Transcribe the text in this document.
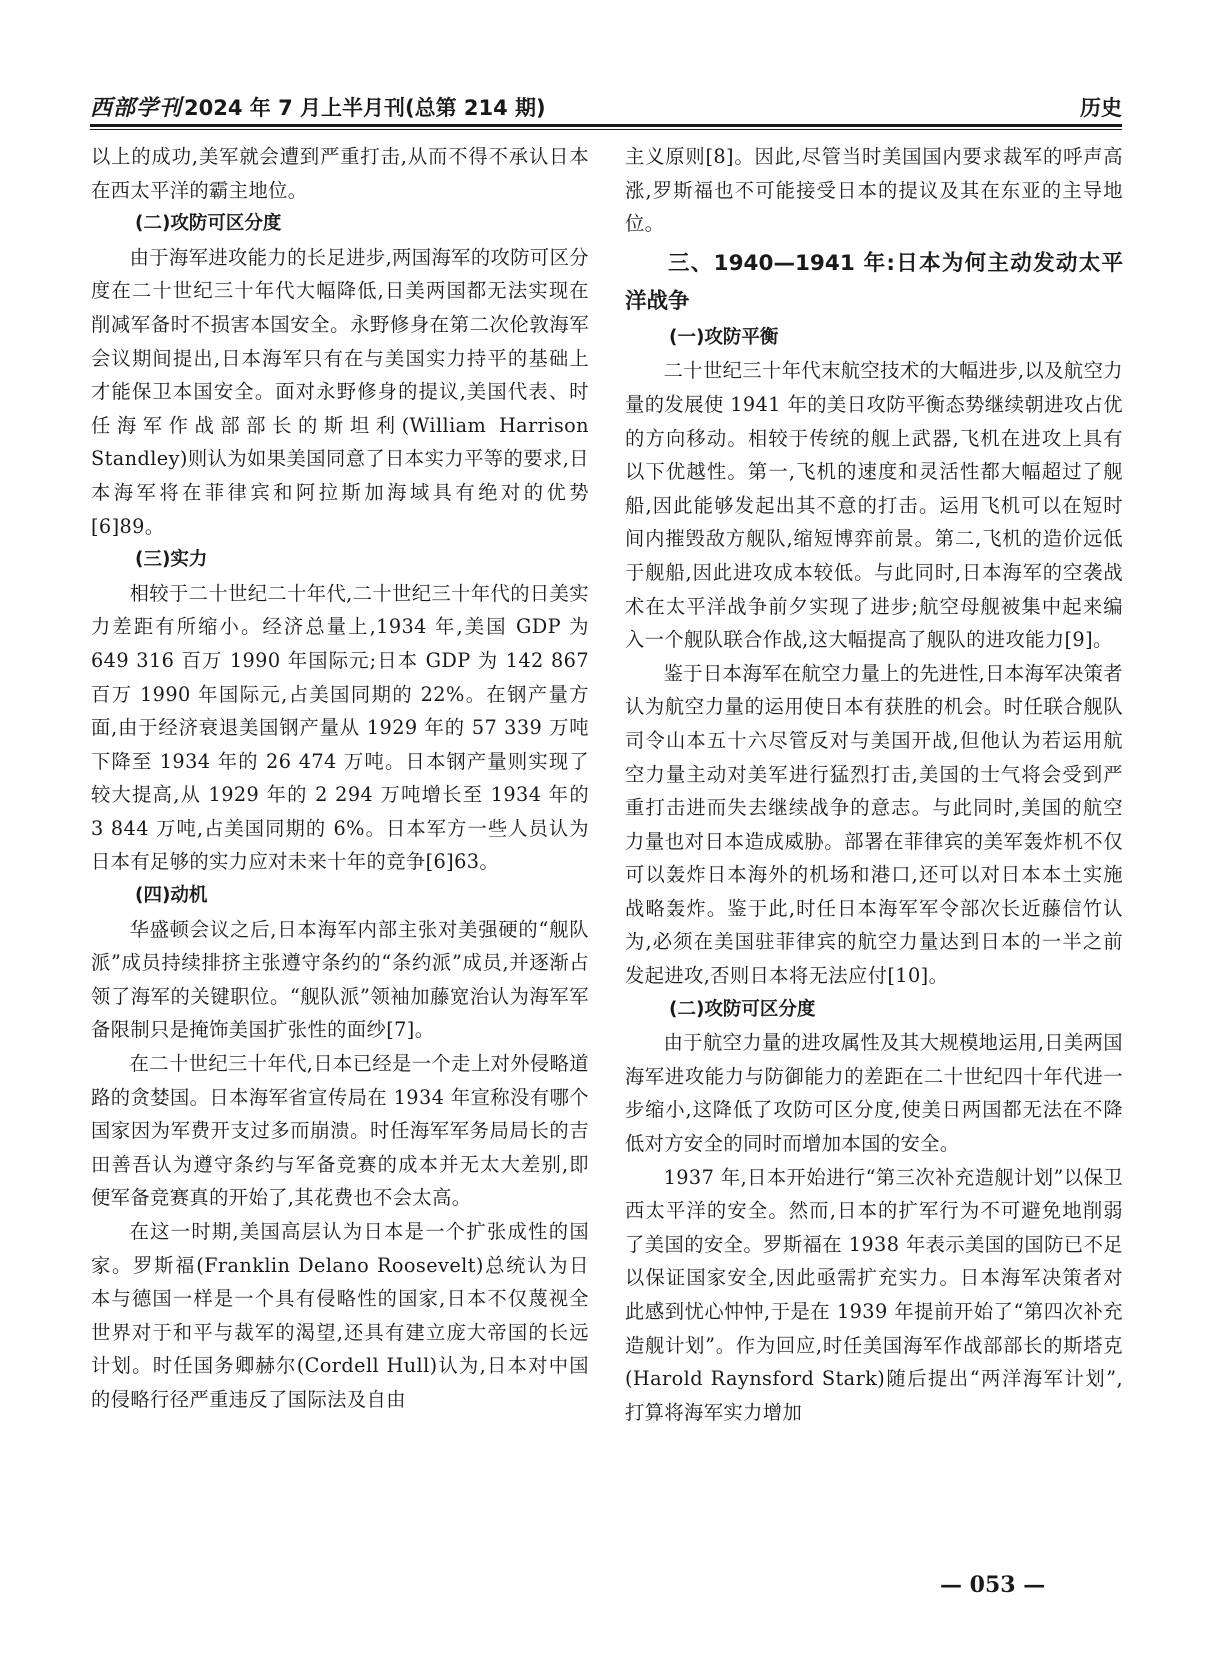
西部学刊 2024 年 7 月上半月刊(总第 214 期)	历史

以上的成功,美军就会遭到严重打击,从而不得不承认日本在西太平洋的霸主地位。

(二)攻防可区分度

由于海军进攻能力的长足进步,两国海军的攻防可区分度在二十世纪三十年代大幅降低,日美两国都无法实现在削减军备时不损害本国安全。永野修身在第二次伦敦海军会议期间提出,日本海军只有在与美国实力持平的基础上才能保卫本国安全。面对永野修身的提议,美国代表、时任海军作战部部长的斯坦利(William Harrison Standley)则认为如果美国同意了日本实力平等的要求,日本海军将在菲律宾和阿拉斯加海域具有绝对的优势[6]89。

(三)实力

相较于二十世纪二十年代,二十世纪三十年代的日美实力差距有所缩小。经济总量上,1934 年,美国 GDP 为 649 316 百万 1990 年国际元;日本 GDP 为 142 867 百万 1990 年国际元,占美国同期的 22%。在钢产量方面,由于经济衰退美国钢产量从 1929 年的 57 339 万吨下降至 1934 年的 26 474 万吨。日本钢产量则实现了较大提高,从 1929 年的 2 294 万吨增长至 1934 年的 3 844 万吨,占美国同期的 6%。日本军方一些人员认为日本有足够的实力应对未来十年的竞争[6]63。

(四)动机

华盛顿会议之后,日本海军内部主张对美强硬的“舰队派”成员持续排挤主张遵守条约的“条约派”成员,并逐渐占领了海军的关键职位。“舰队派”领袖加藤宽治认为海军军备限制只是掩饰美国扩张性的面纱[7]。

在二十世纪三十年代,日本已经是一个走上对外侵略道路的贪婪国。日本海军省宣传局在 1934 年宣称没有哪个国家因为军费开支过多而崩溃。时任海军军务局局长的吉田善吾认为遵守条约与军备竞赛的成本并无太大差别,即便军备竞赛真的开始了,其花费也不会太高。

在这一时期,美国高层认为日本是一个扩张成性的国家。罗斯福(Franklin Delano Roosevelt)总统认为日本与德国一样是一个具有侵略性的国家,日本不仅蔑视全世界对于和平与裁军的渴望,还具有建立庞大帝国的长远计划。时任国务卿赫尔(Cordell Hull)认为,日本对中国的侵略行径严重违反了国际法及自由

主义原则[8]。因此,尽管当时美国国内要求裁军的呼声高涨,罗斯福也不可能接受日本的提议及其在东亚的主导地位。

三、1940—1941 年:日本为何主动发动太平洋战争
(一)攻防平衡

二十世纪三十年代末航空技术的大幅进步,以及航空力量的发展使 1941 年的美日攻防平衡态势继续朝进攻占优的方向移动。相较于传统的舰上武器,飞机在进攻上具有以下优越性。第一,飞机的速度和灵活性都大幅超过了舰船,因此能够发起出其不意的打击。运用飞机可以在短时间内摧毁敌方舰队,缩短博弈前景。第二,飞机的造价远低于舰船,因此进攻成本较低。与此同时,日本海军的空袭战术在太平洋战争前夕实现了进步;航空母舰被集中起来编入一个舰队联合作战,这大幅提高了舰队的进攻能力[9]。

鉴于日本海军在航空力量上的先进性,日本海军决策者认为航空力量的运用使日本有获胜的机会。时任联合舰队司令山本五十六尽管反对与美国开战,但他认为若运用航空力量主动对美军进行猛烈打击,美国的士气将会受到严重打击进而失去继续战争的意志。与此同时,美国的航空力量也对日本造成威胁。部署在菲律宾的美军轰炸机不仅可以轰炸日本海外的机场和港口,还可以对日本本土实施战略轰炸。鉴于此,时任日本海军军令部次长近藤信竹认为,必须在美国驻菲律宾的航空力量达到日本的一半之前发起进攻,否则日本将无法应付[10]。

(二)攻防可区分度

由于航空力量的进攻属性及其大规模地运用,日美两国海军进攻能力与防御能力的差距在二十世纪四十年代进一步缩小,这降低了攻防可区分度,使美日两国都无法在不降低对方安全的同时而增加本国的安全。

1937 年,日本开始进行“第三次补充造舰计划”以保卫西太平洋的安全。然而,日本的扩军行为不可避免地削弱了美国的安全。罗斯福在 1938 年表示美国的国防已不足以保证国家安全,因此亟需扩充实力。日本海军决策者对此感到忧心忡忡,于是在 1939 年提前开始了“第四次补充造舰计划”。作为回应,时任美国海军作战部部长的斯塔克(Harold Raynsford Stark)随后提出“两洋海军计划”,打算将海军实力增加

— 053 —
